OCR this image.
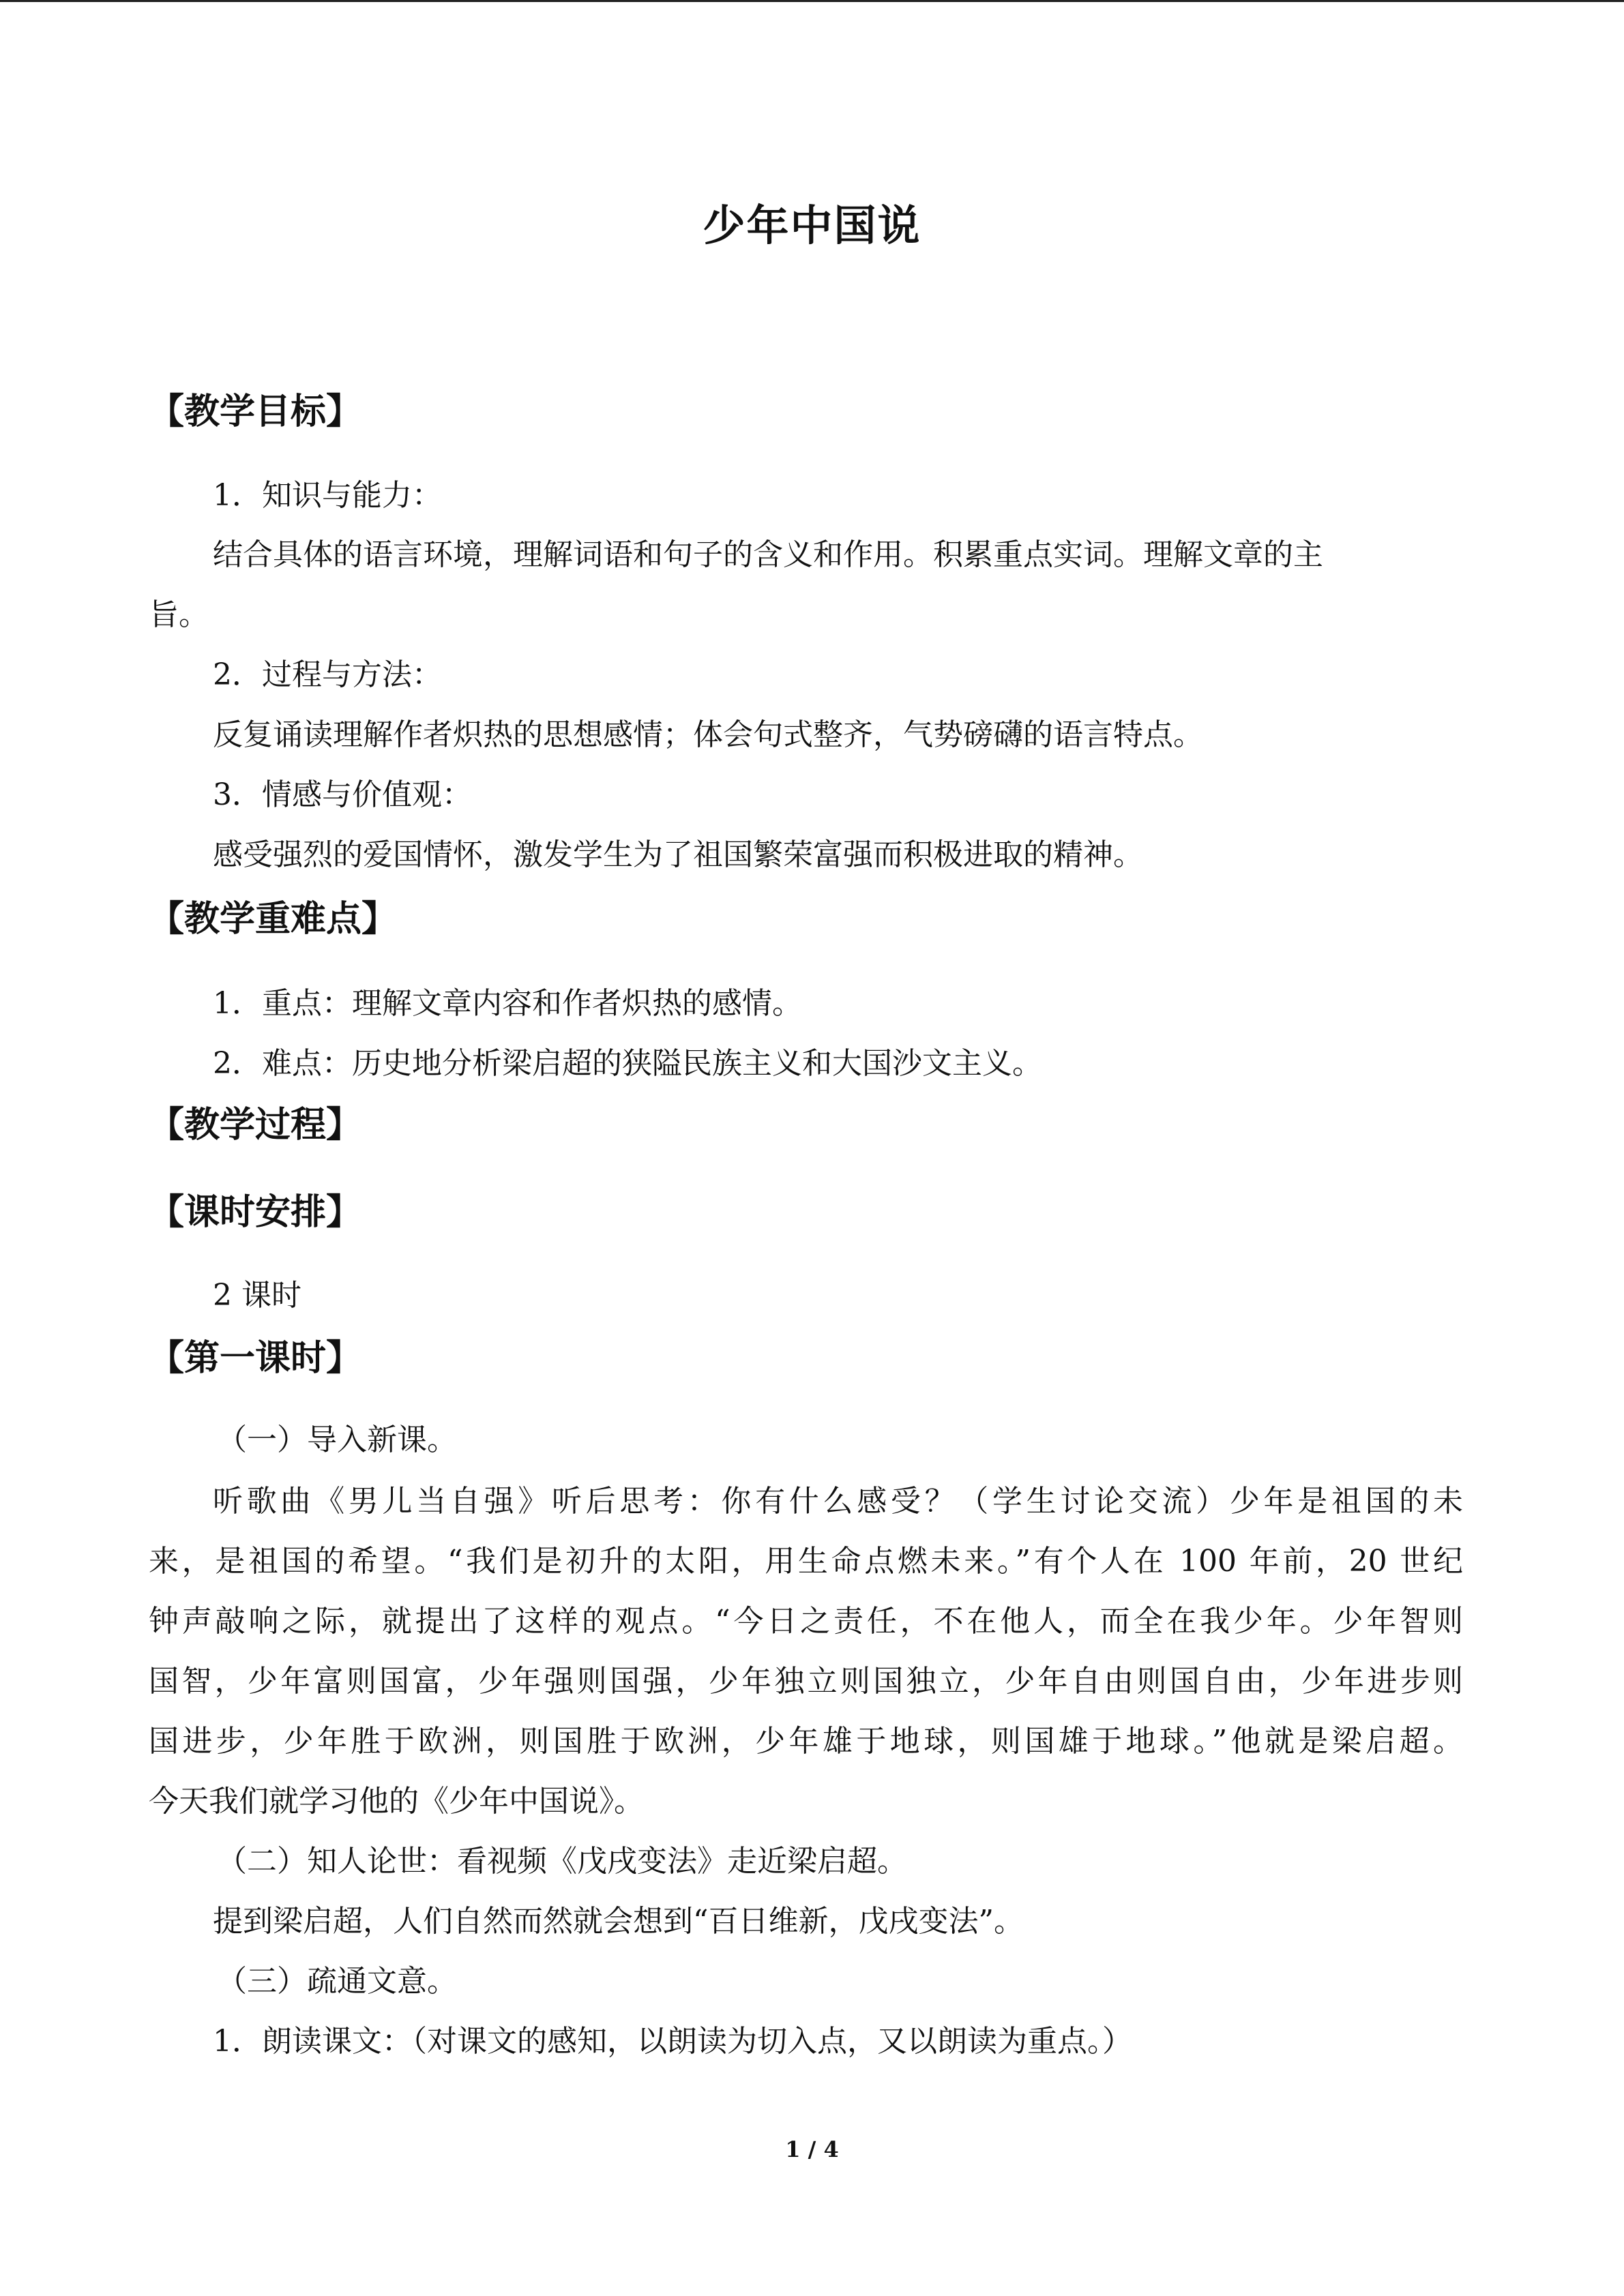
少年中国说
【教学目标】
1．知识与能力：
结合具体的语言环境，理解词语和句子的含义和作用。积累重点实词。理解文章的主
旨。
2．过程与方法：
反复诵读理解作者炽热的思想感情；体会句式整齐，气势磅礴的语言特点。
3．情感与价值观：
感受强烈的爱国情怀，激发学生为了祖国繁荣富强而积极进取的精神。
【教学重难点】
1．重点：理解文章内容和作者炽热的感情。
2．难点：历史地分析梁启超的狭隘民族主义和大国沙文主义。
【教学过程】
【课时安排】
2 课时
【第一课时】
（一）导入新课。
听歌曲《男儿当自强》听后思考：你有什么感受？（学生讨论交流）少年是祖国的未
来，是祖国的希望。“我们是初升的太阳，用生命点燃未来。”有个人在 100 年前，20 世纪
钟声敲响之际，就提出了这样的观点。“今日之责任，不在他人，而全在我少年。少年智则
国智，少年富则国富，少年强则国强，少年独立则国独立，少年自由则国自由，少年进步则
国进步，少年胜于欧洲，则国胜于欧洲，少年雄于地球，则国雄于地球。”他就是梁启超。
今天我们就学习他的《少年中国说》。
（二）知人论世：看视频《戊戌变法》走近梁启超。
提到梁启超，人们自然而然就会想到“百日维新，戊戌变法”。
（三）疏通文意。
1．朗读课文：（对课文的感知，以朗读为切入点，又以朗读为重点。）
1 / 4
